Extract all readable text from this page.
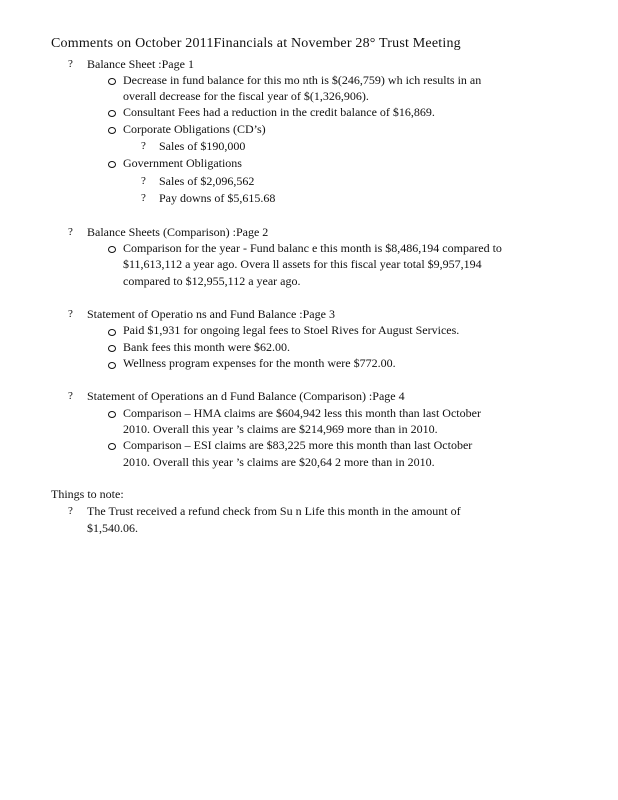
Comments on October 2011Financials at November 28° Trust Meeting
? Balance Sheet :Page 1
Decrease in fund balance for this mo nth is $(246,759) wh ich results in an
overall decrease for the fiscal year of $(1,326,906).
Consultant Fees had a reduction in the credit balance of $16,869.
Corporate Obligations (CD’s)
? Sales of $190,000
Government Obligations
? Sales of $2,096,562
? Pay downs of $5,615.68
? Balance Sheets (Comparison) :Page 2
Comparison for the year - Fund balanc e this month is $8,486,194 compared to
$11,613,112 a year ago. Overa ll assets for this fiscal year total $9,957,194
compared to $12,955,112 a year ago.
? Statement of Operatio ns and Fund Balance :Page 3
Paid $1,931 for ongoing legal fees to Stoel Rives for August Services.
Bank fees this month were $62.00.
Wellness program expenses for the month were $772.00.
? Statement of Operations an d Fund Balance (Comparison) :Page 4
Comparison – HMA claims are $604,942 less this month than last October
2010. Overall this year ’s claims are $214,969 more than in 2010.
Comparison – ESI claims are $83,225 more this month than last October
2010. Overall this year ’s claims are $20,64 2 more than in 2010.
Things to note:
? The Trust received a refund check from Su n Life this month in the amount of
$1,540.06.
